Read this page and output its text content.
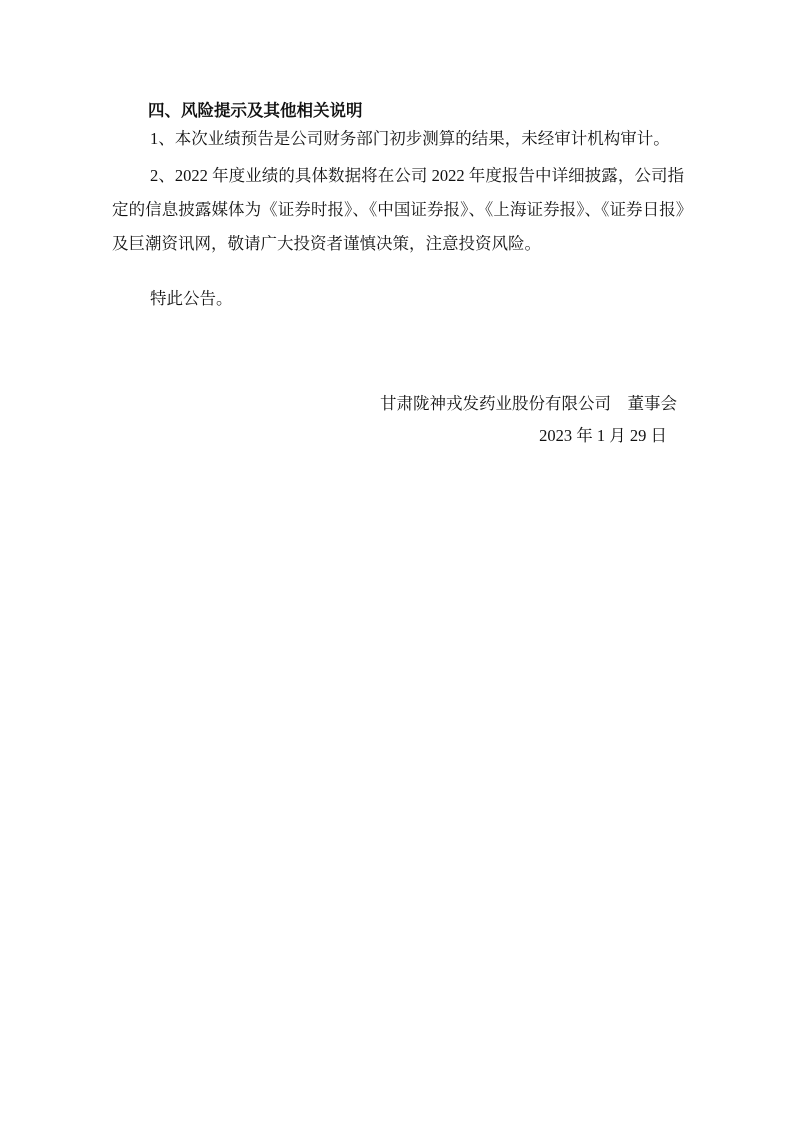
四、风险提示及其他相关说明

1、本次业绩预告是公司财务部门初步测算的结果，未经审计机构审计。

2、2022 年度业绩的具体数据将在公司 2022 年度报告中详细披露，公司指定的信息披露媒体为《证券时报》、《中国证券报》、《上海证券报》、《证券日报》及巨潮资讯网，敬请广大投资者谨慎决策，注意投资风险。

特此公告。

甘肃陇神戎发药业股份有限公司　董事会
2023 年 1 月 29 日
